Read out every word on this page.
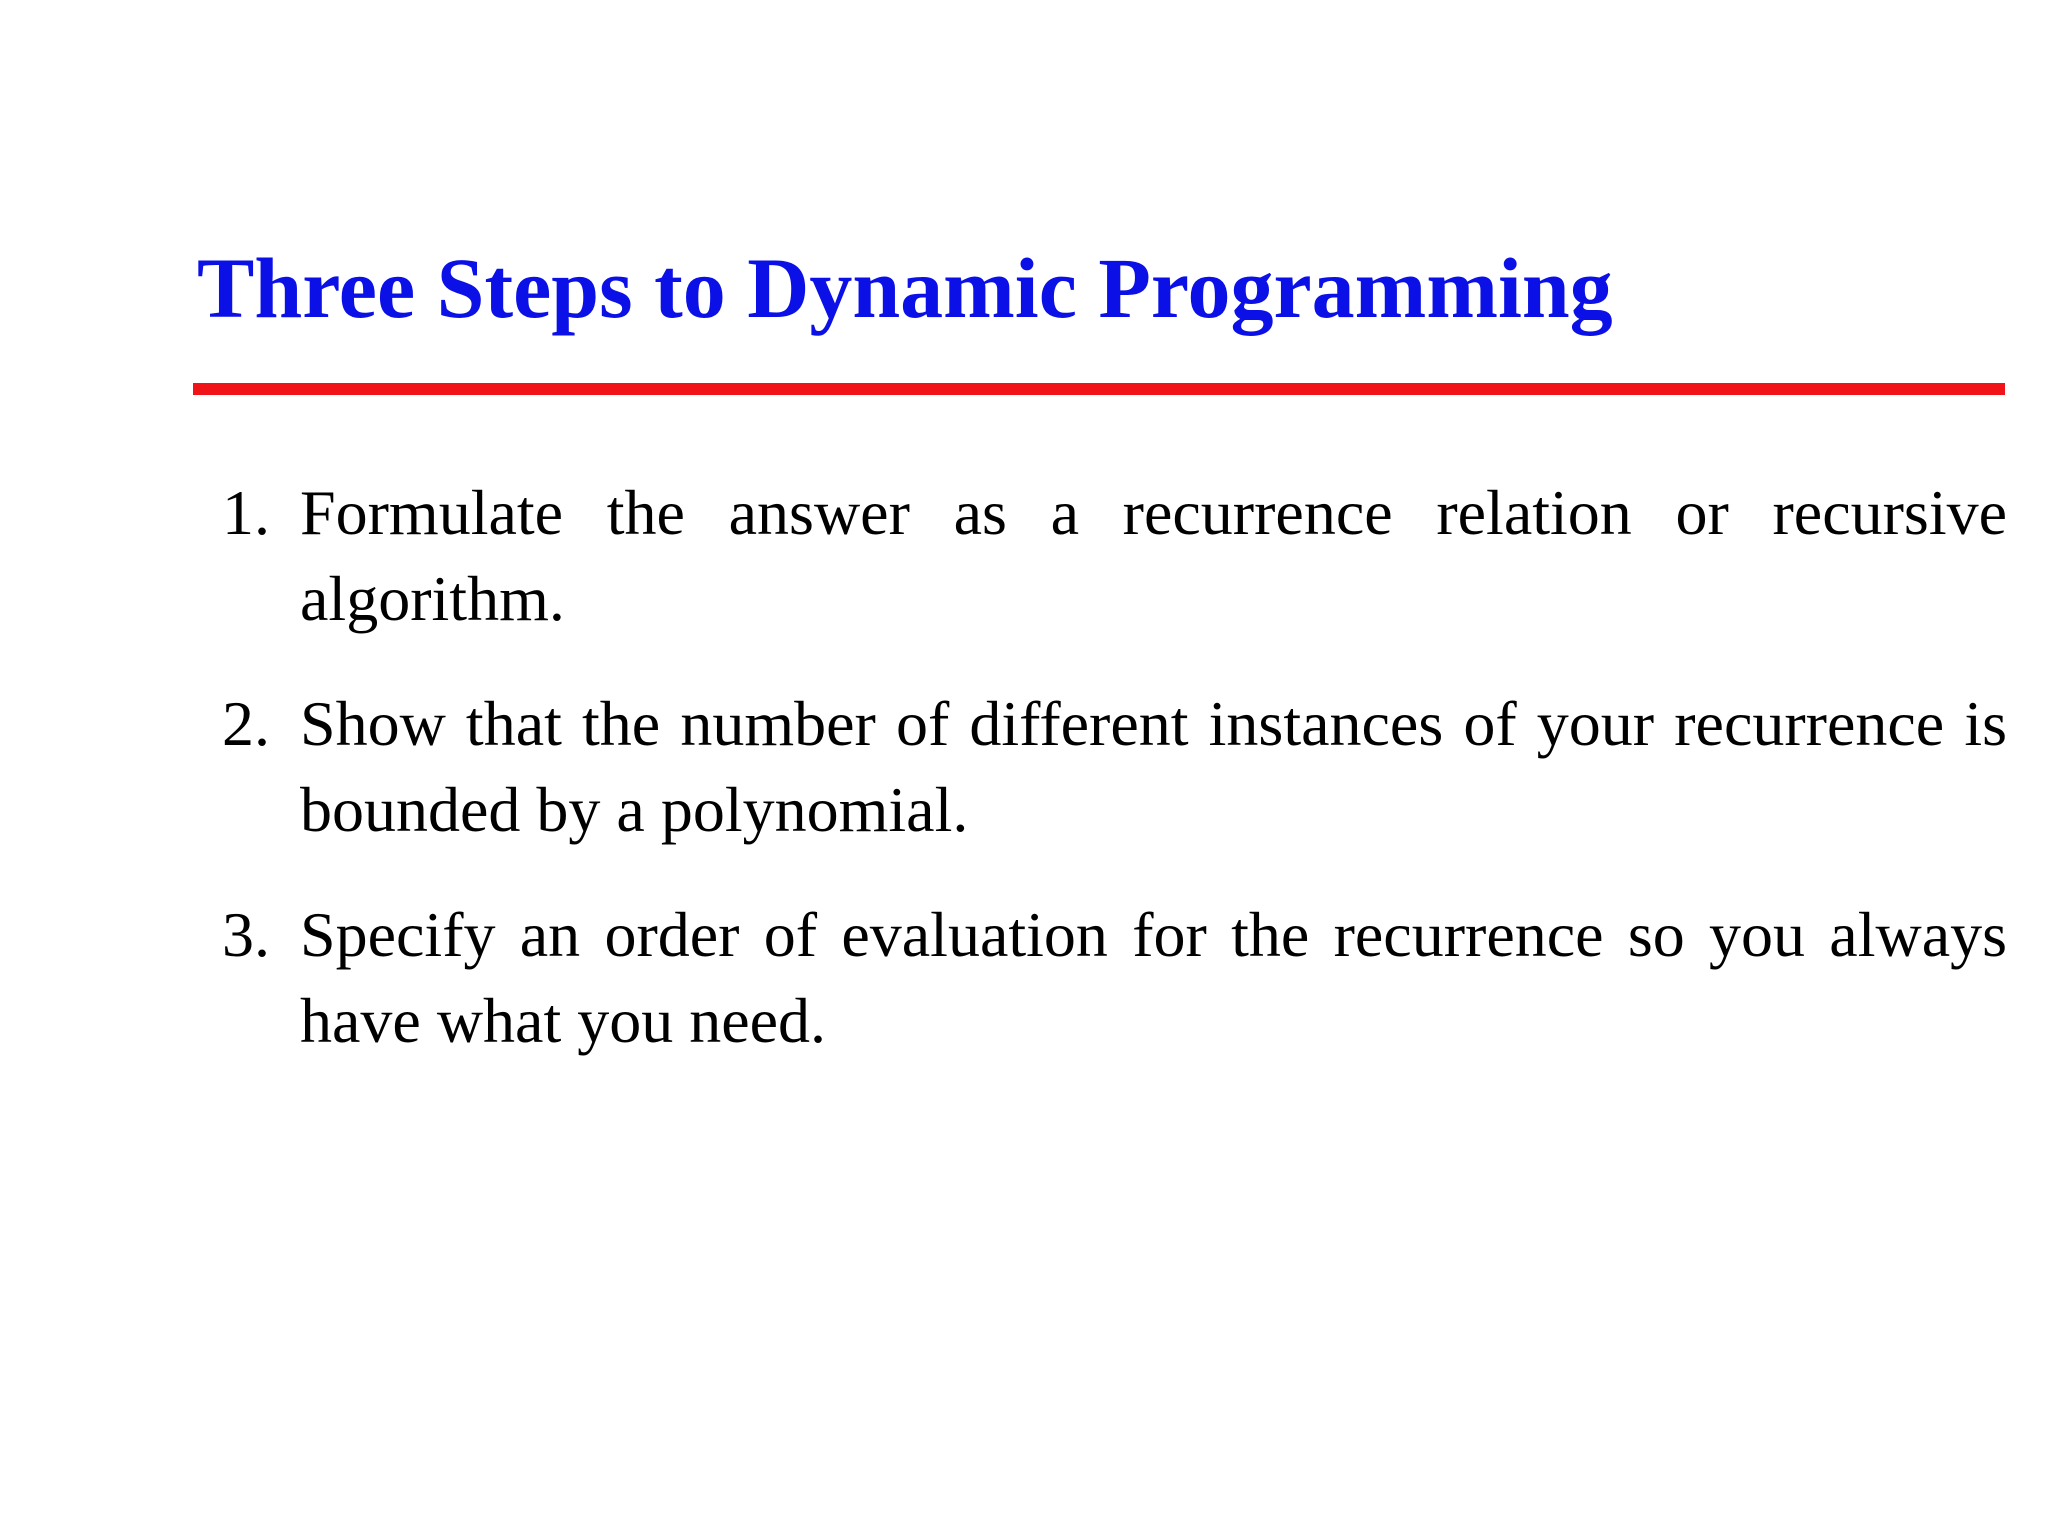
Three Steps to Dynamic Programming
1. Formulate the answer as a recurrence relation or recursive algorithm.
2. Show that the number of different instances of your recurrence is bounded by a polynomial.
3. Specify an order of evaluation for the recurrence so you always have what you need.
